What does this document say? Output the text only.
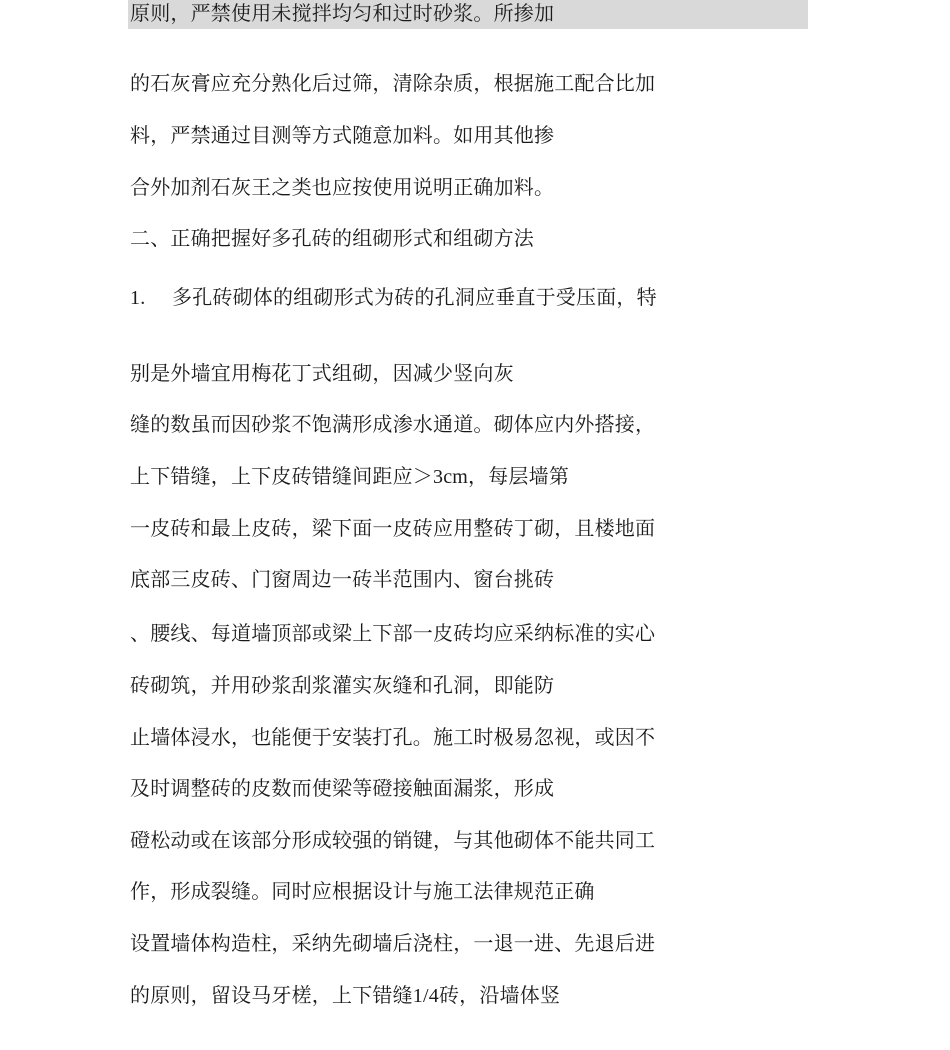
原则，严禁使用未搅拌均匀和过时砂浆。所掺加
的石灰膏应充分熟化后过筛，清除杂质，根据施工配合比加
料，严禁通过目测等方式随意加料。如用其他掺
合外加剂石灰王之类也应按使用说明正确加料。
二、正确把握好多孔砖的组砌形式和组砌方法
1. 多孔砖砌体的组砌形式为砖的孔洞应垂直于受压面，特
别是外墙宜用梅花丁式组砌，因减少竖向灰
缝的数虽而因砂浆不饱满形成渗水通道。砌体应内外搭接，
上下错缝，上下皮砖错缝间距应＞3cm，每层墙第
一皮砖和最上皮砖，梁下面一皮砖应用整砖丁砌，且楼地面
底部三皮砖、门窗周边一砖半范围内、窗台挑砖
、腰线、每道墙顶部或梁上下部一皮砖均应采纳标准的实心
砖砌筑，并用砂浆刮浆灌实灰缝和孔洞，即能防
止墙体浸水，也能便于安装打孔。施工时极易忽视，或因不
及时调整砖的皮数而使梁等磴接触面漏浆，形成
磴松动或在该部分形成较强的销键，与其他砌体不能共同工
作，形成裂缝。同时应根据设计与施工法律规范正确
设置墙体构造柱，采纳先砌墙后浇柱，一退一进、先退后进
的原则，留设马牙槎，上下错缝1/4砖，沿墙体竖
